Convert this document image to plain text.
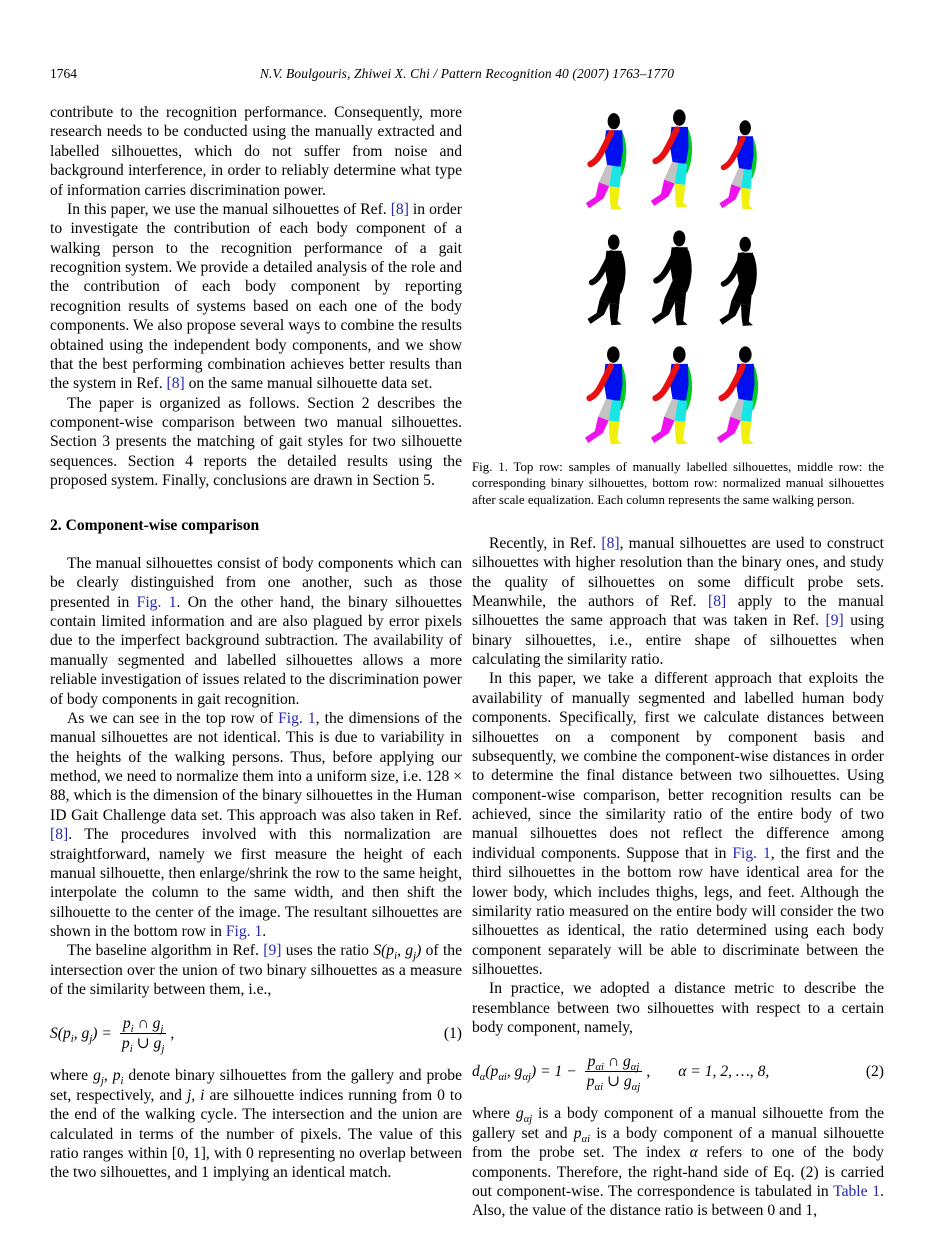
1764	N.V. Boulgouris, Zhiwei X. Chi / Pattern Recognition 40 (2007) 1763–1770

contribute to the recognition performance. Consequently, more research needs to be conducted using the manually extracted and labelled silhouettes, which do not suffer from noise and background interference, in order to reliably determine what type of information carries discrimination power.

In this paper, we use the manual silhouettes of Ref. [8] in order to investigate the contribution of each body component of a walking person to the recognition performance of a gait recognition system. We provide a detailed analysis of the role and the contribution of each body component by reporting recognition results of systems based on each one of the body components. We also propose several ways to combine the results obtained using the independent body components, and we show that the best performing combination achieves better results than the system in Ref. [8] on the same manual silhouette data set.

The paper is organized as follows. Section 2 describes the component-wise comparison between two manual silhouettes. Section 3 presents the matching of gait styles for two silhouette sequences. Section 4 reports the detailed results using the proposed system. Finally, conclusions are drawn in Section 5.

2. Component-wise comparison

The manual silhouettes consist of body components which can be clearly distinguished from one another, such as those presented in Fig. 1. On the other hand, the binary silhouettes contain limited information and are also plagued by error pixels due to the imperfect background subtraction. The availability of manually segmented and labelled silhouettes allows a more reliable investigation of issues related to the discrimination power of body components in gait recognition.

As we can see in the top row of Fig. 1, the dimensions of the manual silhouettes are not identical. This is due to variability in the heights of the walking persons. Thus, before applying our method, we need to normalize them into a uniform size, i.e. 128 × 88, which is the dimension of the binary silhouettes in the Human ID Gait Challenge data set. This approach was also taken in Ref. [8]. The procedures involved with this normalization are straightforward, namely we first measure the height of each manual silhouette, then enlarge/shrink the row to the same height, interpolate the column to the same width, and then shift the silhouette to the center of the image. The resultant silhouettes are shown in the bottom row in Fig. 1.

The baseline algorithm in Ref. [9] uses the ratio $S(p_i$, $g_j$) of the intersection over the union of two binary silhouettes as a measure of the similarity between them, i.e.,

$S(p_i$, $g_j) = \frac{p_i \cap g_j}{p_i \cup g_j}$ ,	(1)

where $g_j$, $p_i$ denote binary silhouettes from the gallery and probe set, respectively, and j, i are silhouette indices running from 0 to the end of the walking cycle. The intersection and the union are calculated in terms of the number of pixels. The value of this ratio ranges within [0, 1], with 0 representing no overlap between the two silhouettes, and 1 implying an identical match.

Fig. 1. Top row: samples of manually labelled silhouettes, middle row: the corresponding binary silhouettes, bottom row: normalized manual silhouettes after scale equalization. Each column represents the same walking person.

Recently, in Ref. [8], manual silhouettes are used to construct silhouettes with higher resolution than the binary ones, and study the quality of silhouettes on some difficult probe sets. Meanwhile, the authors of Ref. [8] apply to the manual silhouettes the same approach that was taken in Ref. [9] using binary silhouettes, i.e., entire shape of silhouettes when calculating the similarity ratio.

In this paper, we take a different approach that exploits the availability of manually segmented and labelled human body components. Specifically, first we calculate distances between silhouettes on a component by component basis and subsequently, we combine the component-wise distances in order to determine the final distance between two silhouettes. Using component-wise comparison, better recognition results can be achieved, since the similarity ratio of the entire body of two manual silhouettes does not reflect the difference among individual components. Suppose that in Fig. 1, the first and the third silhouettes in the bottom row have identical area for the lower body, which includes thighs, legs, and feet. Although the similarity ratio measured on the entire body will consider the two silhouettes as identical, the ratio determined using each body component separately will be able to discriminate between the silhouettes.

In practice, we adopted a distance metric to describe the resemblance between two silhouettes with respect to a certain body component, namely,

$d_\alpha(p_{\alpha i}$, $g_{\alpha j}) = 1 - \frac{p_{\alpha i} \cap g_{\alpha j}}{p_{\alpha i} \cup g_{\alpha j}}$ , α = 1, 2, …, 8,	(2)

where $g_{\alpha j}$ is a body component of a manual silhouette from the gallery set and $p_{\alpha i}$ is a body component of a manual silhouette from the probe set. The index α refers to one of the body components. Therefore, the right-hand side of Eq. (2) is carried out component-wise. The correspondence is tabulated in Table 1. Also, the value of the distance ratio is between 0 and 1,
